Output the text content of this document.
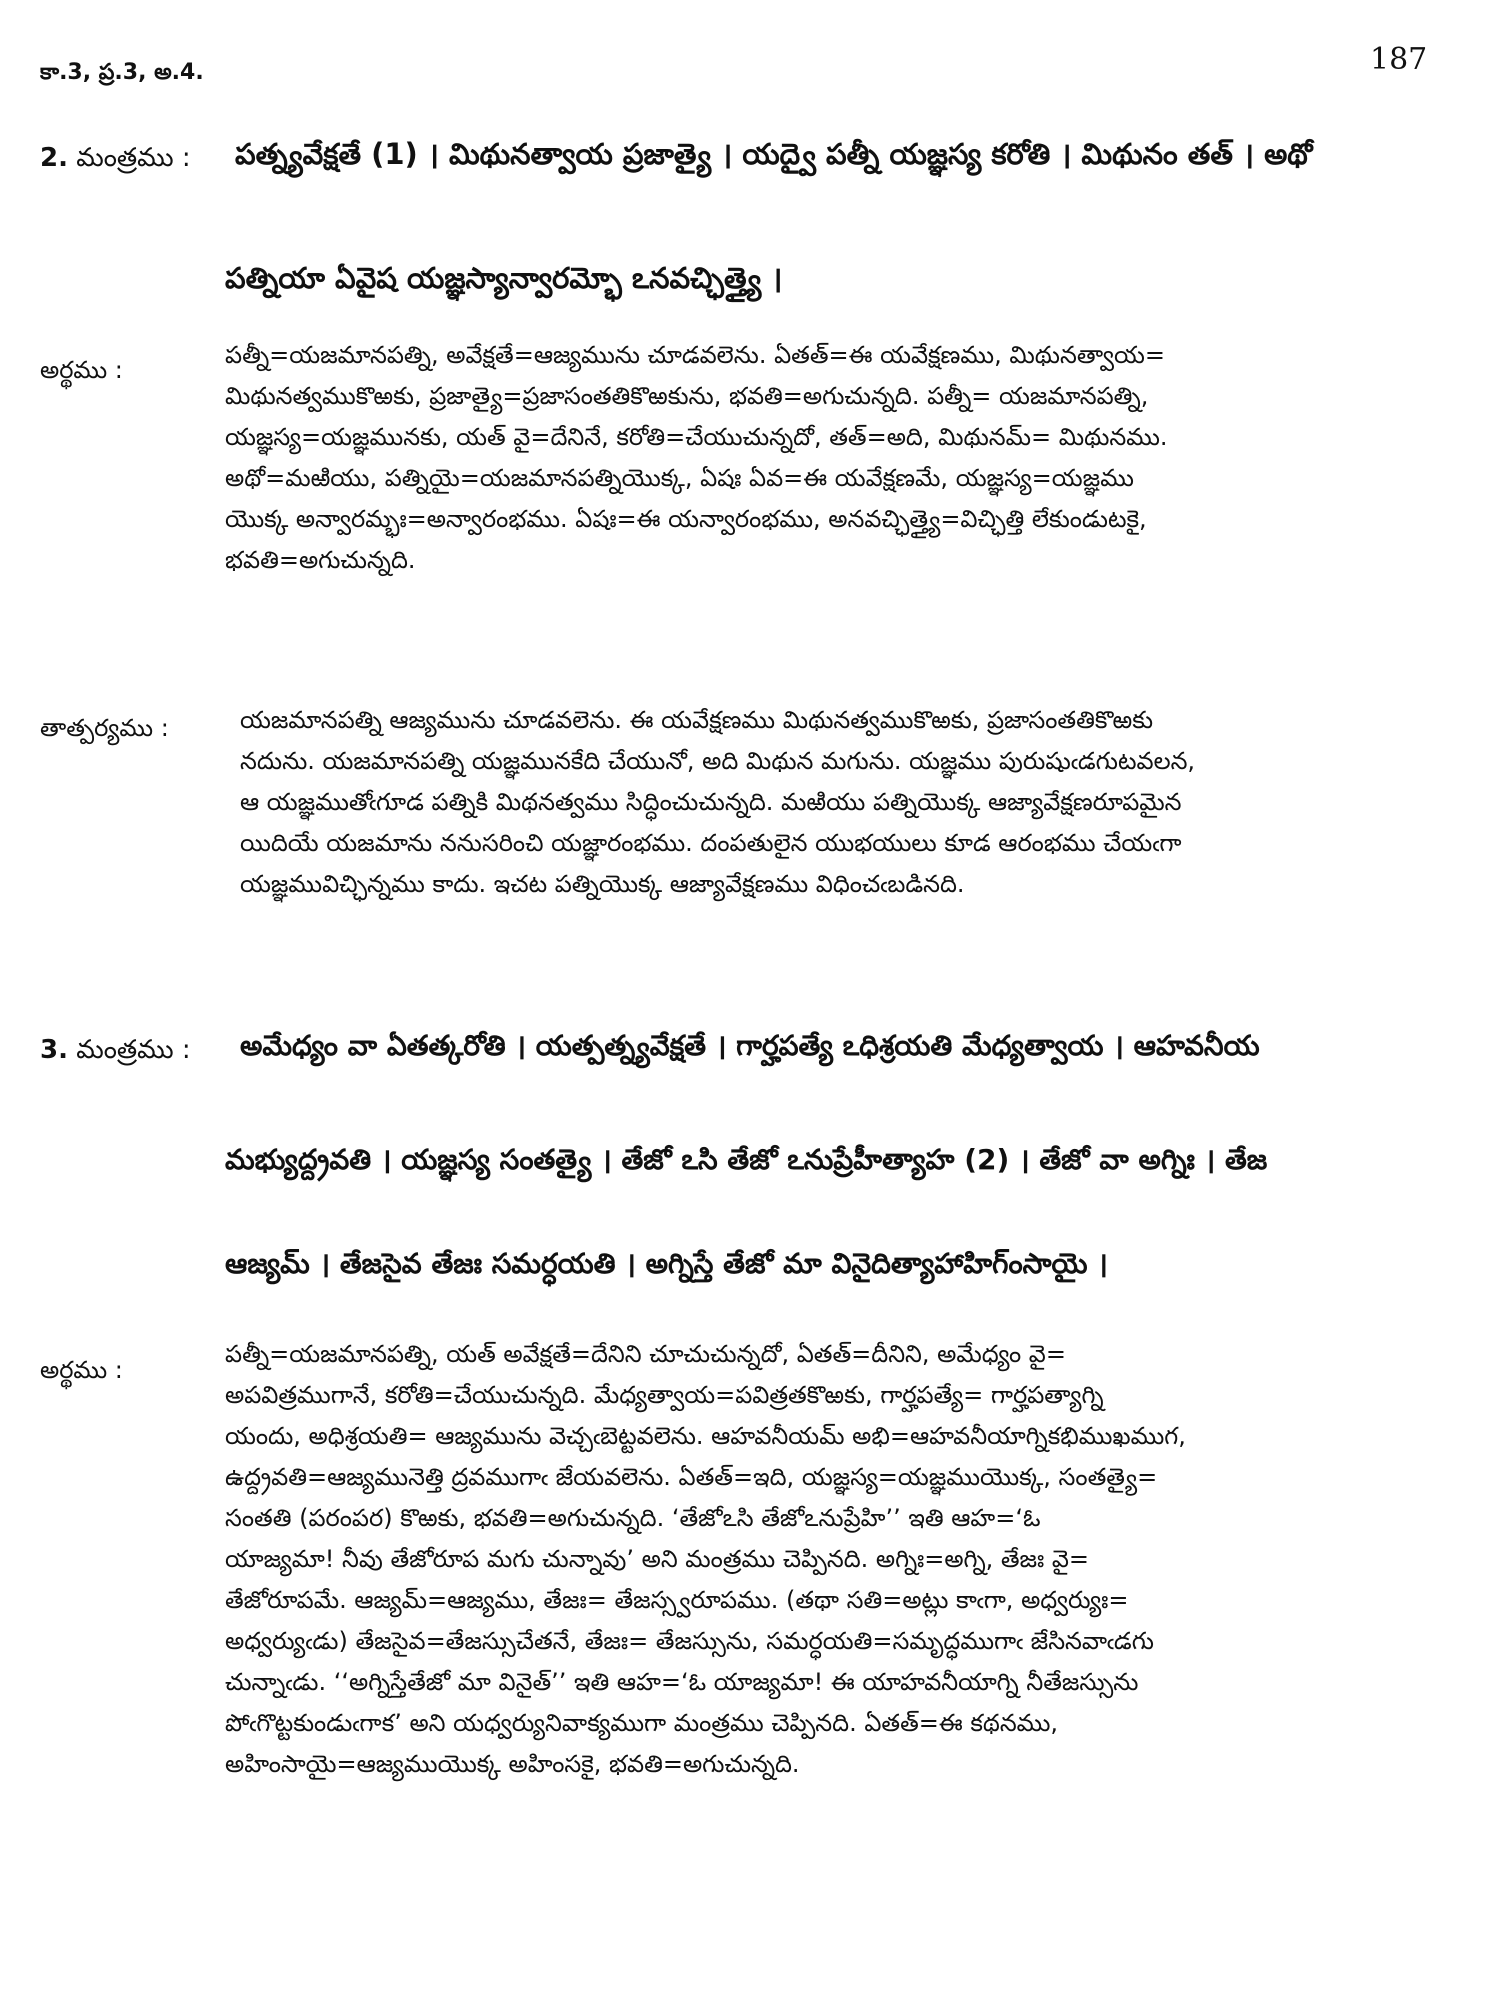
కా.3, ప్ర.3, అ.4.	187
2. మంత్రము : పత్న్యవేక్షతే (1) । మిథునత్వాయ ప్రజాత్యై । యద్వై పత్నీ యజ్ఞస్య కరోతి । మిథునం తత్ । అథో
పత్నియా ఏవైష యజ్ఞస్యాన్వారమ్భో ఽనవచ్ఛిత్త్యై ।
అర్థము :
పత్నీ=యజమానపత్ని, అవేక్షతే=ఆజ్యమును చూడవలెను. ఏతత్=ఈ యవేక్షణము, మిథునత్వాయ=
మిథునత్వముకొఱకు, ప్రజాత్యై=ప్రజాసంతతికొఱకును, భవతి=అగుచున్నది. పత్నీ= యజమానపత్ని,
యజ్ఞస్య=యజ్ఞమునకు, యత్ వై=దేనినే, కరోతి=చేయుచున్నదో, తత్=అది, మిథునమ్= మిథునము.
అథో=మఱియు, పత్నియై=యజమానపత్నియొక్క, ఏషః ఏవ=ఈ యవేక్షణమే, యజ్ఞస్య=యజ్ఞము
యొక్క అన్వారమ్భః=అన్వారంభము. ఏషః=ఈ యన్వారంభము, అనవచ్ఛిత్త్యై=విచ్ఛిత్తి లేకుండుటకై,
భవతి=అగుచున్నది.
తాత్పర్యము :	యజమానపత్ని ఆజ్యమును చూడవలెను. ఈ యవేక్షణము మిథునత్వముకొఱకు, ప్రజాసంతతికొఱకు
నదును. యజమానపత్ని యజ్ఞమునకేది చేయునో, అది మిథున మగును. యజ్ఞము పురుషుఁడగుటవలన,
ఆ యజ్ఞముతోఁగూడ పత్నికి మిథనత్వము సిద్ధించుచున్నది. మఱియు పత్నియొక్క ఆజ్యావేక్షణరూపమైన
యిదియే యజమాను ననుసరించి యజ్ఞారంభము. దంపతులైన యుభయులు కూడ ఆరంభము చేయఁగా
యజ్ఞమువిచ్ఛిన్నము కాదు. ఇచట పత్నియొక్క ఆజ్యావేక్షణము విధించఁబడినది.
3. మంత్రము : అమేధ్యం వా ఏతత్కరోతి । యత్పత్న్యవేక్షతే । గార్హపత్యే ఽధిశ్రయతి మేధ్యత్వాయ । ఆహవనీయ
మభ్యుద్ద్రవతి । యజ్ఞస్య సంతత్యై । తేజో ఽసి తేజో ఽనుప్రేహీత్యాహ (2) । తేజో వా అగ్నిః । తేజ
ఆజ్యమ్ । తేజసైవ తేజః సమర్ధయతి । అగ్నిస్తే తేజో మా వినైదిత్యాహాహిగ్ంసాయై ।
అర్థము :
పత్నీ=యజమానపత్ని, యత్ అవేక్షతే=దేనిని చూచుచున్నదో, ఏతత్=దీనిని, అమేధ్యం వై=
అపవిత్రముగానే, కరోతి=చేయుచున్నది. మేధ్యత్వాయ=పవిత్రతకొఱకు, గార్హపత్యే= గార్హపత్యాగ్ని
యందు, అధిశ్రయతి= ఆజ్యమును వెచ్చఁబెట్టవలెను. ఆహవనీయమ్ అభి=ఆహవనీయాగ్నికభిముఖముగ,
ఉద్ద్రవతి=ఆజ్యమునెత్తి ద్రవముగాఁ జేయవలెను. ఏతత్=ఇది, యజ్ఞస్య=యజ్ఞముయొక్క, సంతత్యై=
సంతతి (పరంపర) కొఱకు, భవతి=అగుచున్నది. ‘తేజోఽసి తేజోఽనుప్రేహి’’ ఇతి ఆహ=‘ఓ
యాజ్యమా! నీవు తేజోరూప మగు చున్నావు’ అని మంత్రము చెప్పినది. అగ్నిః=అగ్ని, తేజః వై=
తేజోరూపమే. ఆజ్యమ్=ఆజ్యము, తేజః= తేజస్స్వరూపము. (తథా సతి=అట్లు కాఁగా, అధ్వర్యుః=
అధ్వర్యుఁడు) తేజసైవ=తేజస్సుచేతనే, తేజః= తేజస్సును, సమర్ధయతి=సమృద్ధముగాఁ జేసినవాఁడగు
చున్నాఁడు. ‘‘అగ్నిస్తేతేజో మా వినైత్’’ ఇతి ఆహ=‘ఓ యాజ్యమా! ఈ యాహవనీయాగ్ని నీతేజస్సును
పోఁగొట్టకుండుఁగాక’ అని యధ్వర్యునివాక్యముగా మంత్రము చెప్పినది. ఏతత్=ఈ కథనము,
అహింసాయై=ఆజ్యముయొక్క అహింసకై, భవతి=అగుచున్నది.
